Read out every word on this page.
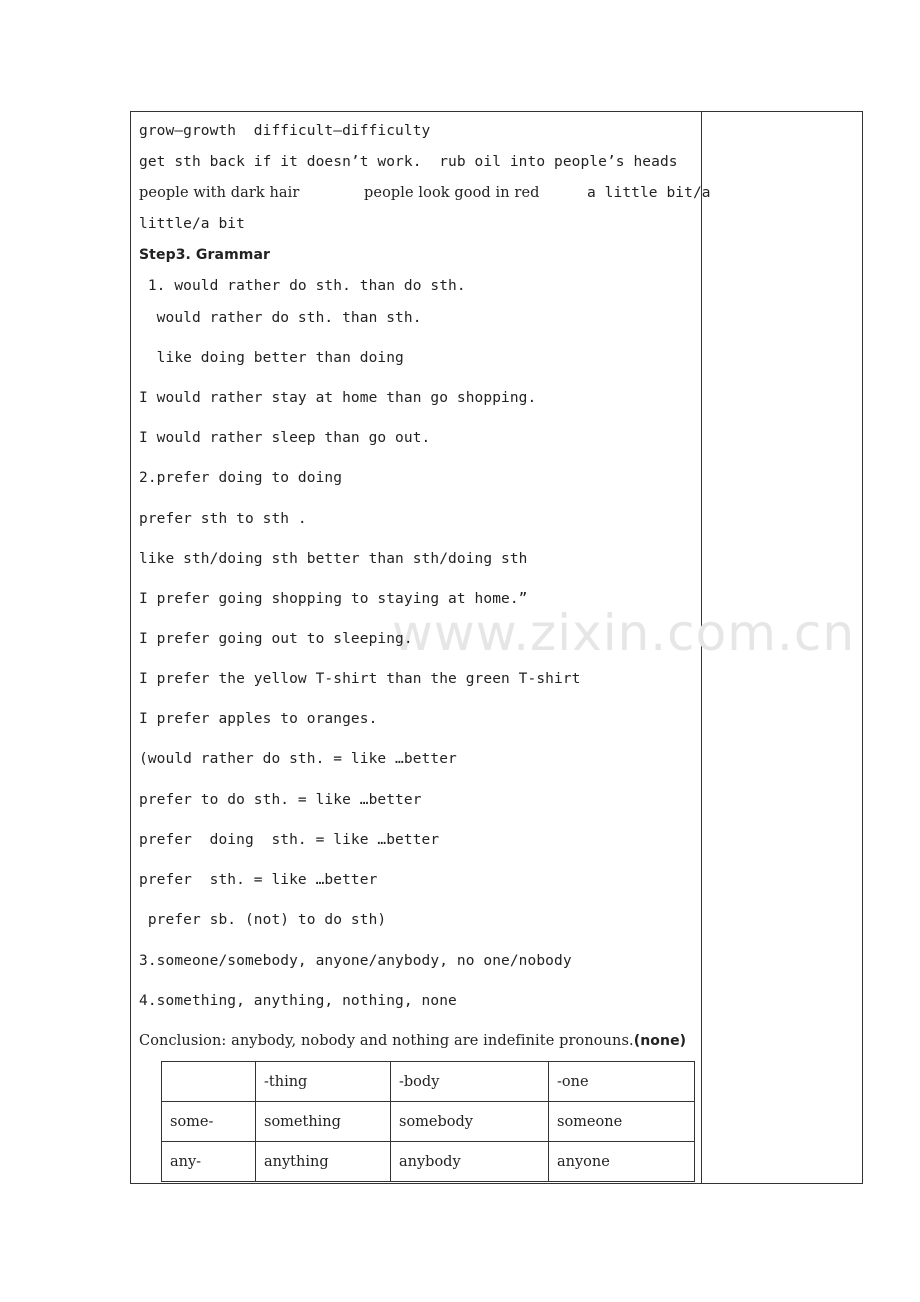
www.zixin.com.cn
grow—growth  difficult—difficulty
get sth back if it doesn’t work.  rub oil into people’s heads
people with dark hair	people look good in red	a little bit/a
little/a bit
Step3. Grammar
1. would rather do sth. than do sth.
would rather do sth. than sth.
like doing better than doing
I would rather stay at home than go shopping.
I would rather sleep than go out.
2.prefer doing to doing
prefer sth to sth .
like sth/doing sth better than sth/doing sth
I prefer going shopping to staying at home.”
I prefer going out to sleeping.
I prefer the yellow T-shirt than the green T-shirt
I prefer apples to oranges.
(would rather do sth. = like …better
prefer to do sth. = like …better
prefer  doing  sth. = like …better
prefer  sth. = like …better
prefer sb. (not) to do sth)
3.someone/somebody, anyone/anybody, no one/nobody
4.something, anything, nothing, none
Conclusion: anybody, nobody and nothing are indefinite pronouns.(none)
	-thing	-body	-one
some-	something	somebody	someone
any-	anything	anybody	anyone
